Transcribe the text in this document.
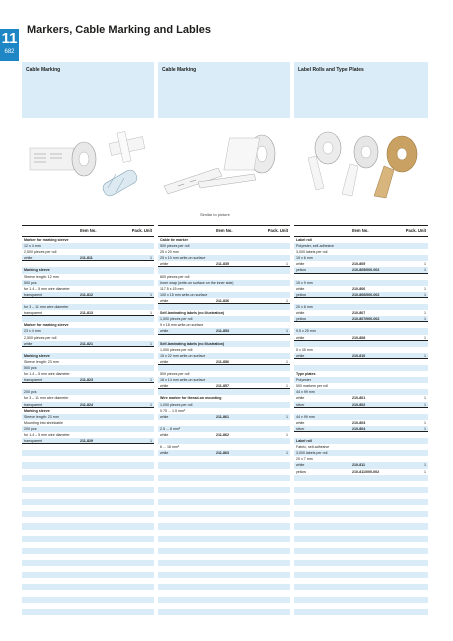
11
682
Markers, Cable Marking and Lables
Cable Marking	Cable Marking	Label Rolls and Type Plates
Similar to picture
Item No.	Pack. Unit
Marker for marking sleeve
12 x 4 mm
2,500 pieces per roll
white	211-811	1
Marking sleeve
Sleeve length: 12 mm
500 pcs
for 1.4 – 5 mm wire diameter
transparent	211-812	1
for 3 – 11 mm wire diameter
transparent	211-813	1
Marker for marking sleeve
23 x 4 mm
2,500 pieces per roll
white	211-821	1
Marking sleeve
Sleeve length: 23 mm
500 pcs
for 1.4 – 5 mm wire diameter
transparent	211-823	1
200 pcs
for 3 – 11 mm wire diameter
transparent	211-824	1
Marking sleeve
Sleeve length: 23 mm
Mounting into shrinkable
200 pcs
for 1.4 – 5 mm wire diameter
transparent	211-829	1
Item No.	Pack. Unit
Cable tie marker
500 pieces per roll
25 x 20 mm
25 x 10 mm write-on surface
white	211-835	1
800 pieces per roll
Inner wrap (write-on surface on the inner side)
117.5 x 15 mm
100 x 15 mm write-on surface
white	211-836	1
Self-laminating labels (no illustration)
1,000 pieces per roll
9 x 18 mm write-on surface
white	211-853	1
Self-laminating labels (no illustration)
1,000 pieces per roll
15 x 22 mm write-on surface
white	211-856	1
500 pieces per roll
18 x 14 mm write-on surface
white	211-857	1
Wire marker for thread-on mounting
1,000 pieces per roll
0.75 ... 1.5 mm²
white	211-861	1
2.5 ... 6 mm²
white	211-862	1
6 ... 16 mm²
white	211-863	1
Item No.	Pack. Unit
Label roll
Polyester, self-adhesive
3,000 labels per roll
15 x 6 mm
white	210-805	1
yellow	210-805/000-002	1
15 x 9 mm
white	210-806	1
yellow	210-806/000-002	1
20 x 8 mm
white	210-807	1
yellow	210-807/000-002	1
9.5 x 25 mm
white	210-808	1
5 x 35 mm
white	210-810	1
Type plates
Polyester
500 markers per roll
44 x 99 mm
white	210-801	1
silver	210-802	1
44 x 99 mm
white	210-803	1
silver	210-804	1
Label roll
Fabric, self-adhesive
3,000 labels per roll
20 x 7 mm
white	210-811	1
yellow	210-811/000-002	1
